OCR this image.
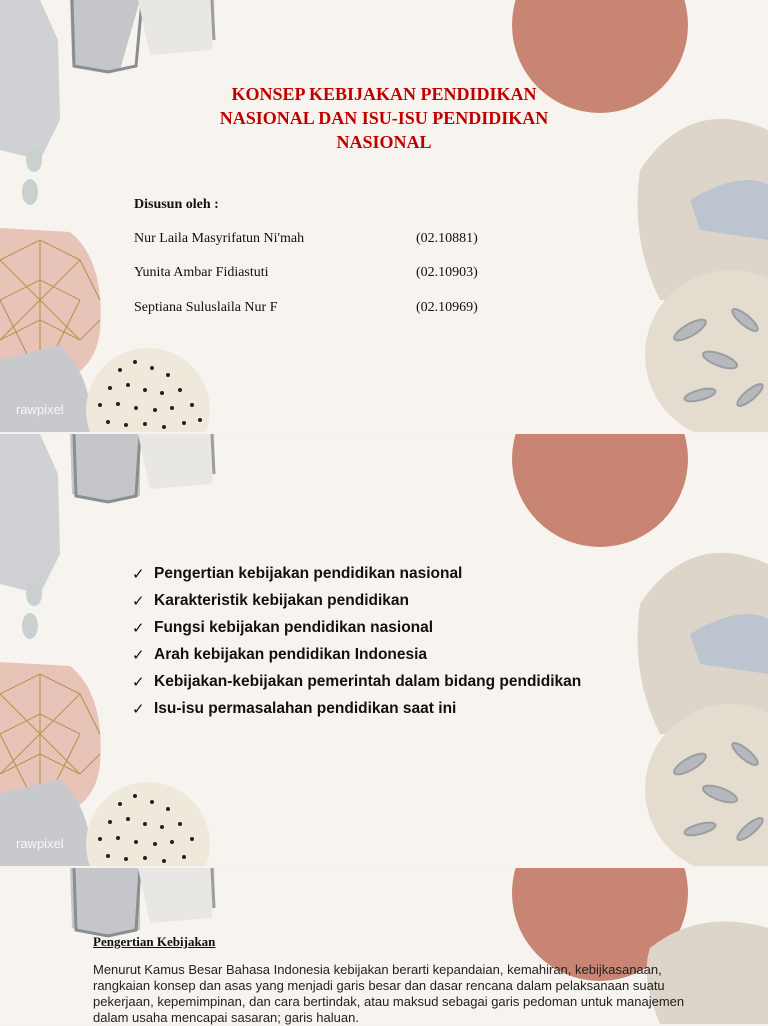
KONSEP KEBIJAKAN PENDIDIKAN
NASIONAL DAN ISU-ISU PENDIDIKAN
NASIONAL
Disusun oleh :
Nur Laila Masyrifatun Ni'mah	(02.10881)
Yunita Ambar Fidiastuti	(02.10903)
Septiana Suluslaila Nur F	(02.10969)
rawpixel
✓ Pengertian kebijakan pendidikan nasional
✓ Karakteristik kebijakan pendidikan
✓ Fungsi kebijakan pendidikan nasional
✓ Arah kebijakan pendidikan Indonesia
✓ Kebijakan-kebijakan pemerintah dalam bidang pendidikan
✓ Isu-isu permasalahan pendidikan saat ini
rawpixel
Pengertian Kebijakan

Menurut Kamus Besar Bahasa Indonesia kebijakan berarti kepandaian, kemahiran, kebijkasanaan, rangkaian konsep dan asas yang menjadi garis besar dan dasar rencana dalam pelaksanaan suatu pekerjaan, kepemimpinan, dan cara bertindak, atau maksud sebagai garis pedoman untuk manajemen dalam usaha mencapai sasaran; garis haluan.
